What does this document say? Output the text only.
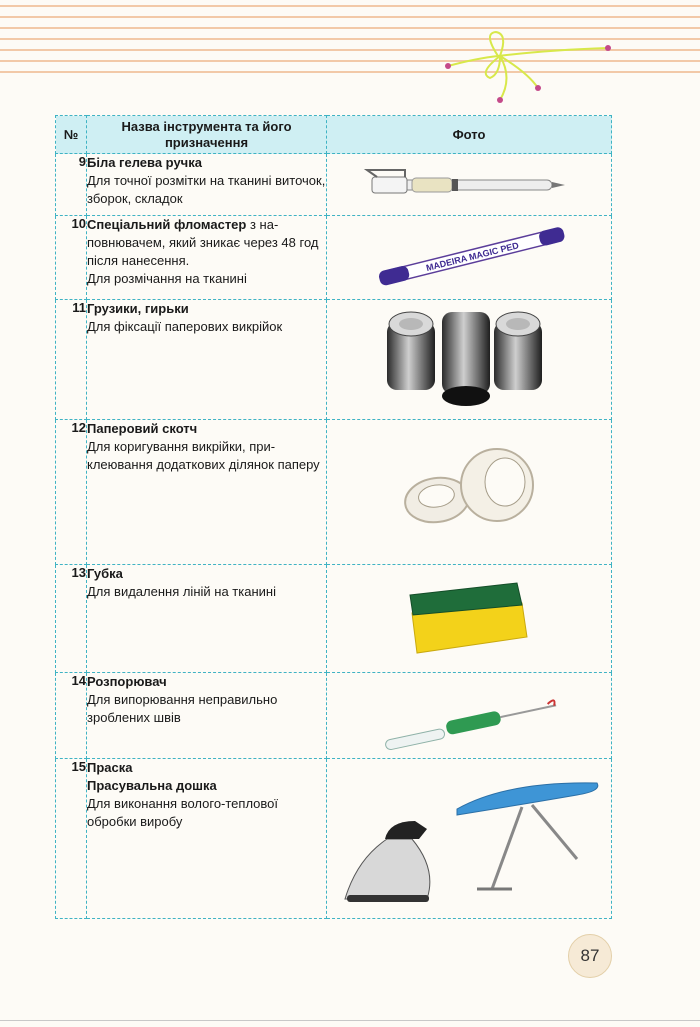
№	Назва інструмента та його призначення	Фото
9	Біла гелева ручка
Для точної розмітки на тканині виточок, зборок, складок

10	Спеціальний фломастер з на-повнювачем, який зникає через 48 год після нанесення.
Для розмічання на тканині	MADEIRA MAGIC PED

11	Грузики, гирьки
Для фіксації паперових викрійок

12	Паперовий скотч
Для коригування викрійки, при-клеювання додаткових ділянок паперу

13	Губка
Для видалення ліній на тканині

14	Розпорювач
Для випорювання неправильно зроблених швів

15	Праска
Прасувальна дошка
Для виконання волого-теплової обробки виробу

87
